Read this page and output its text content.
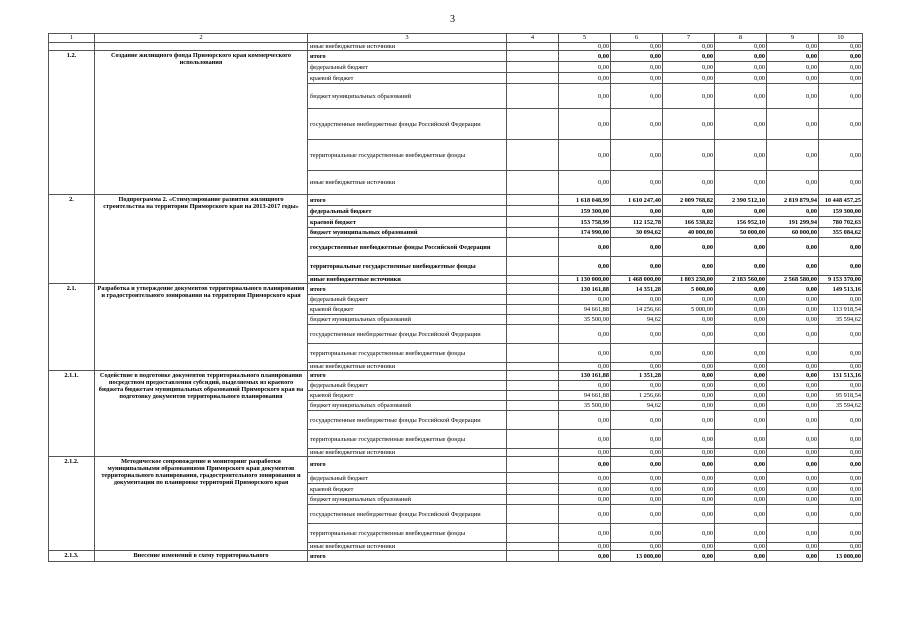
3
1	2	3	4	5	6	7	8	9	10
		иные внебюджетные источники		0,00	0,00	0,00	0,00	0,00	0,00
1.2.	Создание жилищного фонда Приморского края коммерческого использования	итого		0,00	0,00	0,00	0,00	0,00	0,00
		федеральный бюджет		0,00	0,00	0,00	0,00	0,00	0,00
		краевой бюджет		0,00	0,00	0,00	0,00	0,00	0,00
		бюджет муниципальных образований		0,00	0,00	0,00	0,00	0,00	0,00
		государственные внебюджетные фонды Российской Федерации		0,00	0,00	0,00	0,00	0,00	0,00
		территориальные государственные внебюджетные фонды		0,00	0,00	0,00	0,00	0,00	0,00
		иные внебюджетные источники		0,00	0,00	0,00	0,00	0,00	0,00
2.	Подпрограмма 2. «Стимулирование развития жилищного строительства на территории Приморского края на 2013-2017 годы»	итого		1 618 048,99	1 610 247,40	2 009 768,82	2 390 512,10	2 819 879,94	10 448 457,25
		федеральный бюджет		159 300,00	0,00	0,00	0,00	0,00	159 300,00
		краевой бюджет		153 758,99	112 152,78	166 538,82	156 952,10	191 299,94	780 702,63
		бюджет муниципальных образований		174 990,00	30 094,62	40 000,00	50 000,00	60 000,00	355 084,62
		государственные внебюджетные фонды Российской Федерации		0,00	0,00	0,00	0,00	0,00	0,00
		территориальные государственные внебюджетные фонды		0,00	0,00	0,00	0,00	0,00	0,00
		иные внебюджетные источники		1 130 000,00	1 468 000,00	1 803 230,00	2 183 560,00	2 568 580,00	9 153 370,00
2.1.	Разработка и утверждение документов территориального планирования и градостроительного зонирования на территории Приморского края	итого		130 161,88	14 351,28	5 000,00	0,00	0,00	149 513,16
		федеральный бюджет		0,00	0,00	0,00	0,00	0,00	0,00
		краевой бюджет		94 661,88	14 256,66	5 000,00	0,00	0,00	113 918,54
		бюджет муниципальных образований		35 500,00	94,62	0,00	0,00	0,00	35 594,62
		государственные внебюджетные фонды Российской Федерации		0,00	0,00	0,00	0,00	0,00	0,00
		территориальные государственные внебюджетные фонды		0,00	0,00	0,00	0,00	0,00	0,00
		иные внебюджетные источники		0,00	0,00	0,00	0,00	0,00	0,00
2.1.1.	Содействие в подготовке документов территориального планирования посредством предоставления субсидий, выделяемых из краевого бюджета бюджетам муниципальных образований Приморского края на подготовку документов территориального планирования	итого		130 161,88	1 351,28	0,00	0,00	0,00	131 513,16
		федеральный бюджет		0,00	0,00	0,00	0,00	0,00	0,00
		краевой бюджет		94 661,88	1 256,66	0,00	0,00	0,00	95 918,54
		бюджет муниципальных образований		35 500,00	94,62	0,00	0,00	0,00	35 594,62
		государственные внебюджетные фонды Российской Федерации		0,00	0,00	0,00	0,00	0,00	0,00
		территориальные государственные внебюджетные фонды		0,00	0,00	0,00	0,00	0,00	0,00
		иные внебюджетные источники		0,00	0,00	0,00	0,00	0,00	0,00
2.1.2.	Методическое сопровождение и мониторинг разработки муниципальными образованиями Приморского края документов территориального планирования, градостроительного зонирования и документации по планировке территорий Приморского края	итого		0,00	0,00	0,00	0,00	0,00	0,00
		федеральный бюджет		0,00	0,00	0,00	0,00	0,00	0,00
		краевой бюджет		0,00	0,00	0,00	0,00	0,00	0,00
		бюджет муниципальных образований		0,00	0,00	0,00	0,00	0,00	0,00
		государственные внебюджетные фонды Российской Федерации		0,00	0,00	0,00	0,00	0,00	0,00
		территориальные государственные внебюджетные фонды		0,00	0,00	0,00	0,00	0,00	0,00
		иные внебюджетные источники		0,00	0,00	0,00	0,00	0,00	0,00
2.1.3.	Внесение изменений в схему территориального	итого		0,00	13 000,00	0,00	0,00	0,00	13 000,00
